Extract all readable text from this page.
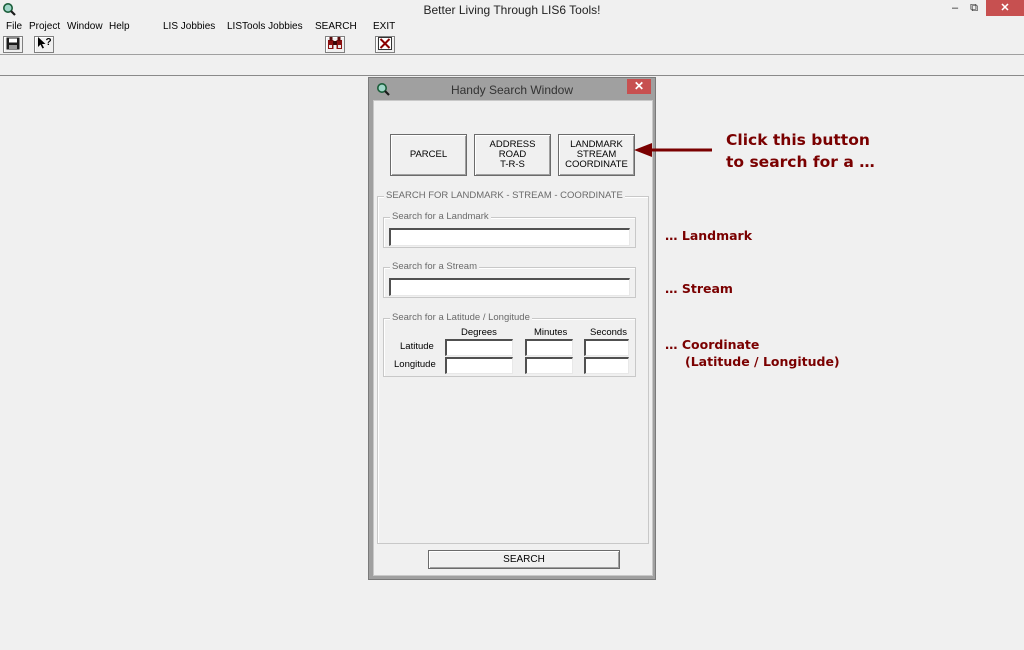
Better Living Through LIS6 Tools!	–	⧉	✕
File Project Window Help	LIS Jobbies LISTools Jobbies SEARCH EXIT
?
Handy Search Window	✕
PARCEL
ADDRESS
ROAD
T-R-S
LANDMARK
STREAM
COORDINATE
SEARCH FOR LANDMARK - STREAM - COORDINATE
Search for a Landmark
Search for a Stream
Search for a Latitude / Longitude
Degrees	Minutes Seconds
Latitude
Longitude
SEARCH
Click this button
to search for a …
… Landmark
… Stream
… Coordinate
(Latitude / Longitude)
